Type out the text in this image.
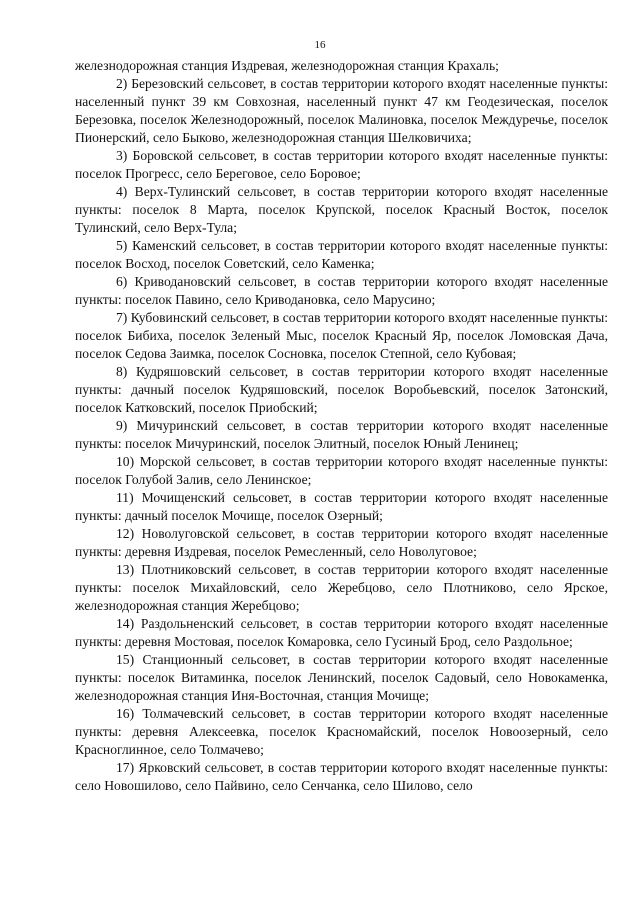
16

железнодорожная станция Издревая, железнодорожная станция Крахаль;

2) Березовский сельсовет, в состав территории которого входят населенные пункты: населенный пункт 39 км Совхозная, населенный пункт 47 км Геодезическая, поселок Березовка, поселок Железнодорожный, поселок Малиновка, поселок Междуречье, поселок Пионерский, село Быково, железнодорожная станция Шелковичиха;

3) Боровской сельсовет, в состав территории которого входят населенные пункты: поселок Прогресс, село Береговое, село Боровое;

4) Верх-Тулинский сельсовет, в состав территории которого входят населенные пункты: поселок 8 Марта, поселок Крупской, поселок Красный Восток, поселок Тулинский, село Верх-Тула;

5) Каменский сельсовет, в состав территории которого входят населенные пункты: поселок Восход, поселок Советский, село Каменка;

6) Криводановский сельсовет, в состав территории которого входят населенные пункты: поселок Павино, село Криводановка, село Марусино;

7) Кубовинский сельсовет, в состав территории которого входят населенные пункты: поселок Бибиха, поселок Зеленый Мыс, поселок Красный Яр, поселок Ломовская Дача, поселок Седова Заимка, поселок Сосновка, поселок Степной, село Кубовая;

8) Кудряшовский сельсовет, в состав территории которого входят населенные пункты: дачный поселок Кудряшовский, поселок Воробьевский, поселок Затонский, поселок Катковский, поселок Приобский;

9) Мичуринский сельсовет, в состав территории которого входят населенные пункты: поселок Мичуринский, поселок Элитный, поселок Юный Ленинец;

10) Морской сельсовет, в состав территории которого входят населенные пункты: поселок Голубой Залив, село Ленинское;

11) Мочищенский сельсовет, в состав территории которого входят населенные пункты: дачный поселок Мочище, поселок Озерный;

12) Новолуговской сельсовет, в состав территории которого входят населенные пункты: деревня Издревая, поселок Ремесленный, село Новолуговое;

13) Плотниковский сельсовет, в состав территории которого входят населенные пункты: поселок Михайловский, село Жеребцово, село Плотниково, село Ярское, железнодорожная станция Жеребцово;

14) Раздольненский сельсовет, в состав территории которого входят населенные пункты: деревня Мостовая, поселок Комаровка, село Гусиный Брод, село Раздольное;

15) Станционный сельсовет, в состав территории которого входят населенные пункты: поселок Витаминка, поселок Ленинский, поселок Садовый, село Новокаменка, железнодорожная станция Иня-Восточная, станция Мочище;

16) Толмачевский сельсовет, в состав территории которого входят населенные пункты: деревня Алексеевка, поселок Красномайский, поселок Новоозерный, село Красноглинное, село Толмачево;

17) Ярковский сельсовет, в состав территории которого входят населенные пункты: село Новошилово, село Пайвино, село Сенчанка, село Шилово, село
